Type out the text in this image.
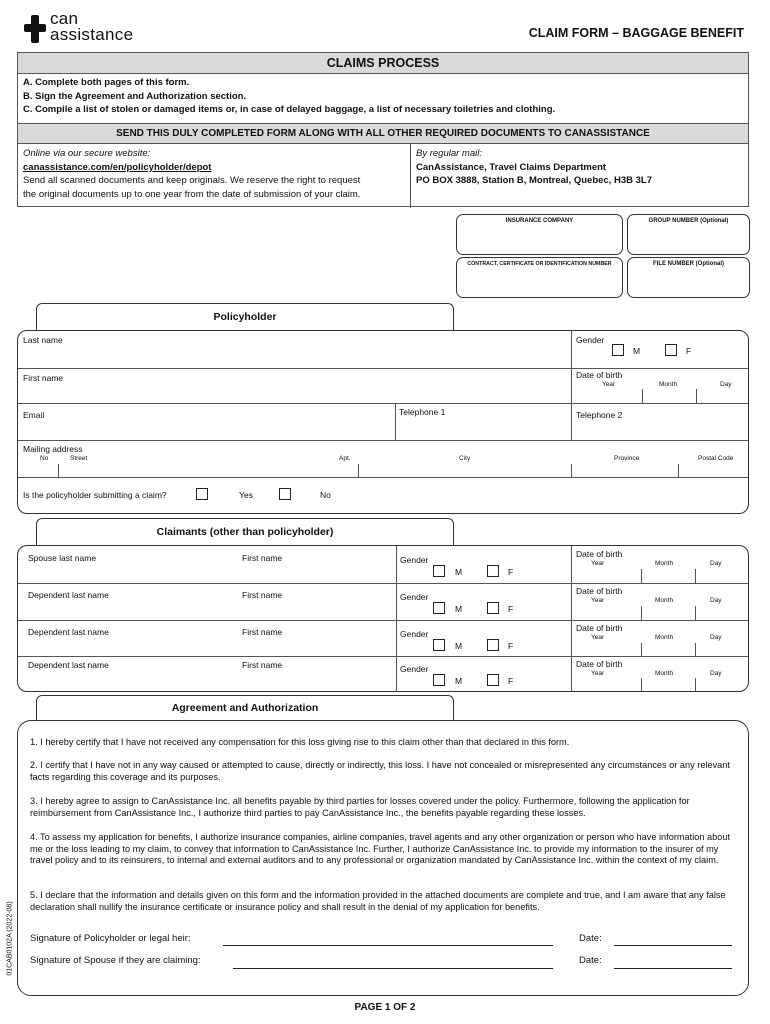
can
assistance	CLAIM FORM – BAGGAGE BENEFIT
CLAIMS PROCESS
A. Complete both pages of this form.
B. Sign the Agreement and Authorization section.
C. Compile a list of stolen or damaged items or, in case of delayed baggage, a list of necessary toiletries and clothing.
SEND THIS DULY COMPLETED FORM ALONG WITH ALL OTHER REQUIRED DOCUMENTS TO CANASSISTANCE
Online via our secure website:
canassistance.com/en/policyholder/depot
Send all scanned documents and keep originals. We reserve the right to request
the original documents up to one year from the date of submission of your claim.
By regular mail:
CanAssistance, Travel Claims Department
PO BOX 3888, Station B, Montreal, Quebec, H3B 3L7
INSURANCE COMPANY	GROUP NUMBER (Optional)
CONTRACT, CERTIFICATE OR IDENTIFICATION NUMBER	FILE NUMBER (Optional)
Policyholder
Last name	Gender
M	F
First name	Date of birth
Year	Month	Day
Email	Telephone 1	Telephone 2
Mailing address
No	Street	Apt.	City	Province	Postal Code
Is the policyholder submitting a claim?	Yes	No
Claimants (other than policyholder)
Spouse last name	First name	Gender
M	F
Date of birth
Year	Month	Day
Dependent last name	First name	Gender
M	F
Date of birth
Year	Month	Day
Dependent last name	First name	Gender
M	F
Date of birth
Year	Month	Day
Dependent last name	First name	Gender
M	F
Date of birth
Year	Month	Day
Agreement and Authorization
1. I hereby certify that I have not received any compensation for this loss giving rise to this claim other than that declared in this form.
2. I certify that I have not in any way caused or attempted to cause, directly or indirectly, this loss. I have not concealed or misrepresented any circumstances or any relevant facts regarding this coverage and its purposes.
3. I hereby agree to assign to CanAssistance Inc. all benefits payable by third parties for losses covered under the policy. Furthermore, following the application for reimbursement from CanAssistance Inc., I authorize third parties to pay CanAssistance Inc., the benefits payable regarding these losses.
4. To assess my application for benefits, I authorize insurance companies, airline companies, travel agents and any other organization or person who have information about me or the loss leading to my claim, to convey that information to CanAssistance Inc. Further, I authorize CanAssistance Inc. to provide my information to the insurer of my travel policy and to its reinsurers, to internal and external auditors and to any professional or organization mandated by CanAssistance Inc. within the context of my claim.
5. I declare that the information and details given on this form and the information provided in the attached documents are complete and true, and I am aware that any false declaration shall nullify the insurance certificate or insurance policy and shall result in the denial of my application for benefits.
Signature of Policyholder or legal heir:	Date:
Signature of Spouse if they are claiming:	Date:
01CAB0102A (2022-08)
PAGE 1 OF 2
